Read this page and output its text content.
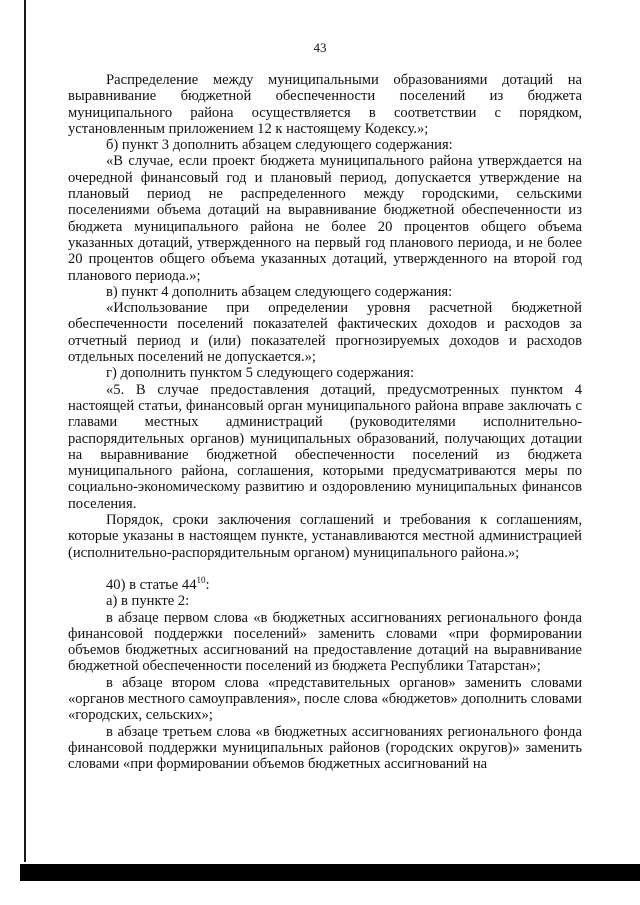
43

Распределение между муниципальными образованиями дотаций на выравнивание бюджетной обеспеченности поселений из бюджета муниципального района осуществляется в соответствии с порядком, установленным приложением 12 к настоящему Кодексу.»;

б) пункт 3 дополнить абзацем следующего содержания:

«В случае, если проект бюджета муниципального района утверждается на очередной финансовый год и плановый период, допускается утверждение на плановый период не распределенного между городскими, сельскими поселениями объема дотаций на выравнивание бюджетной обеспеченности из бюджета муниципального района не более 20 процентов общего объема указанных дотаций, утвержденного на первый год планового периода, и не более 20 процентов общего объема указанных дотаций, утвержденного на второй год планового периода.»;

в) пункт 4 дополнить абзацем следующего содержания:

«Использование при определении уровня расчетной бюджетной обеспеченности поселений показателей фактических доходов и расходов за отчетный период и (или) показателей прогнозируемых доходов и расходов отдельных поселений не допускается.»;

г) дополнить пунктом 5 следующего содержания:

«5. В случае предоставления дотаций, предусмотренных пунктом 4 настоящей статьи, финансовый орган муниципального района вправе заключать с главами местных администраций (руководителями исполнительно-распорядительных органов) муниципальных образований, получающих дотации на выравнивание бюджетной обеспеченности поселений из бюджета муниципального района, соглашения, которыми предусматриваются меры по социально-экономическому развитию и оздоровлению муниципальных финансов поселения.

Порядок, сроки заключения соглашений и требования к соглашениям, которые указаны в настоящем пункте, устанавливаются местной администрацией (исполнительно-распорядительным органом) муниципального района.»;

40) в статье $44^{10}$:

а) в пункте 2:

в абзаце первом слова «в бюджетных ассигнованиях регионального фонда финансовой поддержки поселений» заменить словами «при формировании объемов бюджетных ассигнований на предоставление дотаций на выравнивание бюджетной обеспеченности поселений из бюджета Республики Татарстан»;

в абзаце втором слова «представительных органов» заменить словами «органов местного самоуправления», после слова «бюджетов» дополнить словами «городских, сельских»;

в абзаце третьем слова «в бюджетных ассигнованиях регионального фонда финансовой поддержки муниципальных районов (городских округов)» заменить словами «при формировании объемов бюджетных ассигнований на
